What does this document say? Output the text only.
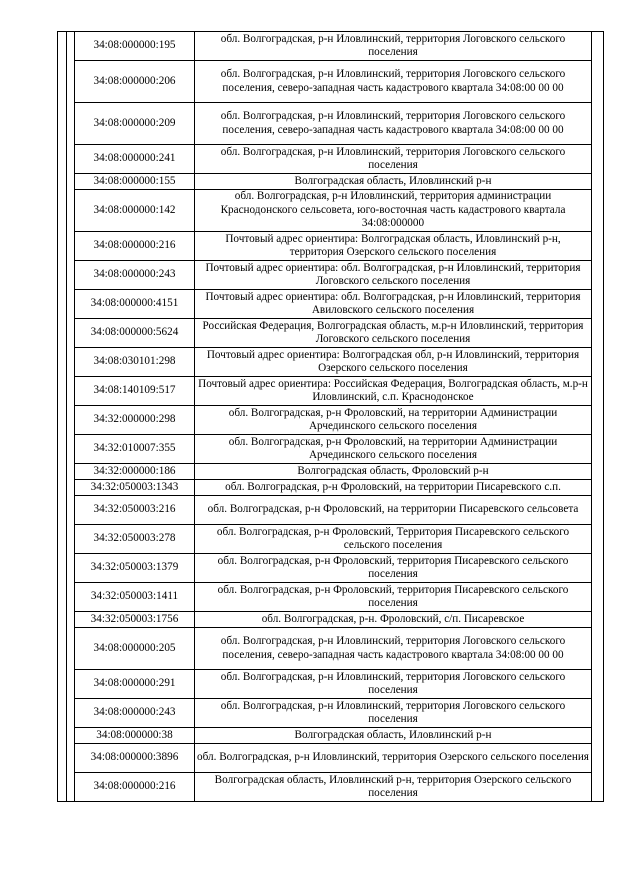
		34:08:000000:195	обл. Волгоградская, р-н Иловлинский, территория Логовского сельского поселения	
		34:08:000000:206	обл. Волгоградская, р-н Иловлинский, территория Логовского сельского поселения, северо-западная часть кадастрового квартала 34:08:00 00 00	
		34:08:000000:209	обл. Волгоградская, р-н Иловлинский, территория Логовского сельского поселения, северо-западная часть кадастрового квартала 34:08:00 00 00	
		34:08:000000:241	обл. Волгоградская, р-н Иловлинский, территория Логовского сельского поселения	
		34:08:000000:155	Волгоградская область, Иловлинский р-н	
		34:08:000000:142	обл. Волгоградская, р-н Иловлинский, территория администрации Краснодонского сельсовета, юго-восточная часть кадастрового квартала 34:08:000000	
		34:08:000000:216	Почтовый адрес ориентира: Волгоградская область, Иловлинский р-н, территория Озерского сельского поселения	
		34:08:000000:243	Почтовый адрес ориентира: обл. Волгоградская, р-н Иловлинский, территория Логовского сельского поселения	
		34:08:000000:4151	Почтовый адрес ориентира: обл. Волгоградская, р-н Иловлинский, территория Авиловского сельского поселения	
		34:08:000000:5624	Российская Федерация, Волгоградская область, м.р-н Иловлинский, территория Логовского сельского поселения	
		34:08:030101:298	Почтовый адрес ориентира: Волгоградская обл, р-н Иловлинский, территория Озерского сельского поселения	
		34:08:140109:517	Почтовый адрес ориентира: Российская Федерация, Волгоградская область, м.р-н Иловлинский, с.п. Краснодонское	
		34:32:000000:298	обл. Волгоградская, р-н Фроловский, на территории Администрации Арчединского сельского поселения	
		34:32:010007:355	обл. Волгоградская, р-н Фроловский, на территории Администрации Арчединского сельского поселения	
		34:32:000000:186	Волгоградская область, Фроловский р-н	
		34:32:050003:1343	обл. Волгоградская, р-н Фроловский, на территории Писаревского с.п.	
		34:32:050003:216	обл. Волгоградская, р-н Фроловский, на территории Писаревского сельсовета	
		34:32:050003:278	обл. Волгоградская, р-н Фроловский, Территория Писаревского сельского сельского поселения	
		34:32:050003:1379	обл. Волгоградская, р-н Фроловский, территория Писаревского сельского поселения	
		34:32:050003:1411	обл. Волгоградская, р-н Фроловский, территория Писаревского сельского поселения	
		34:32:050003:1756	обл. Волгоградская, р-н. Фроловский, с/п. Писаревское	
		34:08:000000:205	обл. Волгоградская, р-н Иловлинский, территория Логовского сельского поселения, северо-западная часть кадастрового квартала 34:08:00 00 00	
		34:08:000000:291	обл. Волгоградская, р-н Иловлинский, территория Логовского сельского поселения	
		34:08:000000:243	обл. Волгоградская, р-н Иловлинский, территория Логовского сельского поселения	
		34:08:000000:38	Волгоградская область, Иловлинский р-н	
		34:08:000000:3896	обл. Волгоградская, р-н Иловлинский, территория Озерского сельского поселения	
		34:08:000000:216	Волгоградская область, Иловлинский р-н, территория Озерского сельского поселения	
